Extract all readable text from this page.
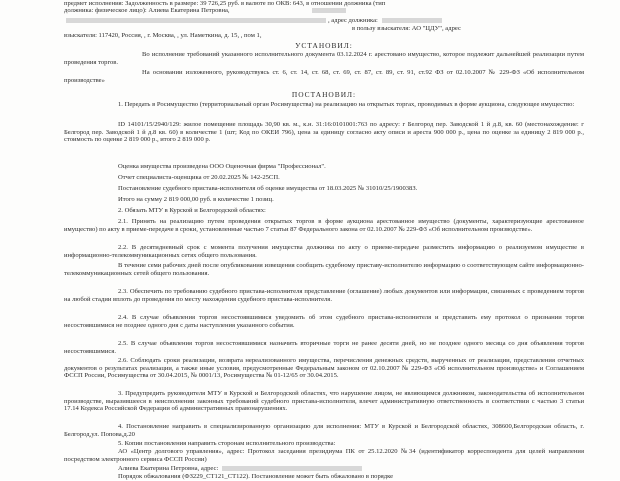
предмет исполнения: Задолженность в размере: 39 726,25 руб. в валюте по ОКВ: 643, в отношении должника (тип
должника: физическое лицо): Алиева Екатерина Петровна,
, адрес должника:
в пользу взыскателя: АО "ЦДУ", адрес
взыскателя: 117420, Россия, , г. Москва, , ул. Наметкина, д. 15, , пом 1,
УСТАНОВИЛ:
Во исполнение требований указанного исполнительного документа 03.12.2024 г. арестовано имущество, которое подлежит дальнейшей реализации путем проведения торгов.
На основании изложенного, руководствуясь ст. 6, ст. 14, ст. 68, ст. 69, ст. 87, ст. 89, ст. 91, ст.92 ФЗ от 02.10.2007 № 229-ФЗ «Об исполнительном производстве»
ПОСТАНОВИЛ:
1. Передать в Росимущество (территориальный орган Росимущества) на реализацию на открытых торгах, проводимых в форме аукциона, следующее имущество:
ID 14101/15/2940/129: жилое помещение площадь 30,90 кв. м., к.н. 31:16:0101001:763 по адресу: г Белгород пер. Заводской 1 й д.8, кв. 60 (местонахождение: г Белгород пер. Заводской 1 й д.8 кв. 60) в количестве 1 (шт; Код по ОКЕИ 796), цена за единицу согласно акту описи и ареста 900 000 р., цена по оценке за единицу 2 819 000 р., стоимость по оценке 2 819 000 р., итого 2 819 000 р.
Оценка имущества произведена ООО Оценочная фирма "Профессионал".
Отчет специалиста-оценщика от 20.02.2025 № 142-25СП.
Постановление судебного пристава-исполнителя об оценке имущества от 18.03.2025 № 31010/25/190038З.
Итого на сумму 2 819 000,00 руб. в количестве 1 позиц.
2. Обязать МТУ в Курской и Белгородской областях:
2.1. Принять на реализацию путем проведения открытых торгов в форме аукциона арестованное имущество (документы, характеризующие арестованное имущество) по акту в приеме-передаче в сроки, установленные частью 7 статьи 87 Федерального закона от 02.10.2007 № 229-ФЗ «Об исполнительном производстве».
2.2. В десятидневный срок с момента получения имущества должника по акту о приеме-передаче разместить информацию о реализуемом имуществе в информационно-телекоммуникационных сетях общего пользования.
В течение семи рабочих дней после опубликования извещения сообщить судебному приставу-исполнителю информацию о соответствующем сайте информационно-телекоммуникационных сетей общего пользования.
2.3. Обеспечить по требованию судебного пристава-исполнителя представление (оглашение) любых документов или информации, связанных с проведением торгов на любой стадии вплоть до проведения по месту нахождения судебного пристава-исполнителя.
2.4. В случае объявления торгов несостоявшимися уведомить об этом судебного пристава-исполнителя и представить ему протокол о признании торгов несостоявшимися не позднее одного дня с даты наступления указанного события.
2.5. В случае объявления торгов несостоявшимися назначить вторичные торги не ранее десяти дней, но не позднее одного месяца со дня объявления торгов несостоявшимися.
2.6. Соблюдать сроки реализации, возврата нереализованного имущества, перечисления денежных средств, вырученных от реализации, представления отчетных документов о результатах реализации, а также иные условия, предусмотренные Федеральным законом от 02.10.2007 № 229-ФЗ «Об исполнительном производстве» и Соглашением ФССП России, Росимущества от 30.04.2015, № 0001/13, Росимущества № 01-12/65 от 30.04.2015.
3. Предупредить руководителя МТУ в Курской и Белгородской областях, что нарушение лицом, не являющимся должником, законодательства об исполнительном производстве, выразившееся в неисполнении законных требований судебного пристава-исполнителя, влечет административную ответственность в соответствии с частью 3 статьи 17.14 Кодекса Российской Федерации об административных правонарушениях.
4. Постановление направить в специализированную организацию для исполнения: МТУ в Курской и Белгородской областях, 308600,Белгородская область, г. Белгород,ул. Попова,д.20
5. Копии постановления направить сторонам исполнительного производства:
АО «Центр долгового управления», адрес: Протокол заседания президиума ПК от 25.12.2020 №34 (идентификатор корреспондента для целей направления посредством электронного сервиса ФССП России)
Алиева Екатерина Петровна, адрес:
Порядок обжалования (ФЗ229_СТ121_СТ122). Постановление может быть обжаловано в порядке
